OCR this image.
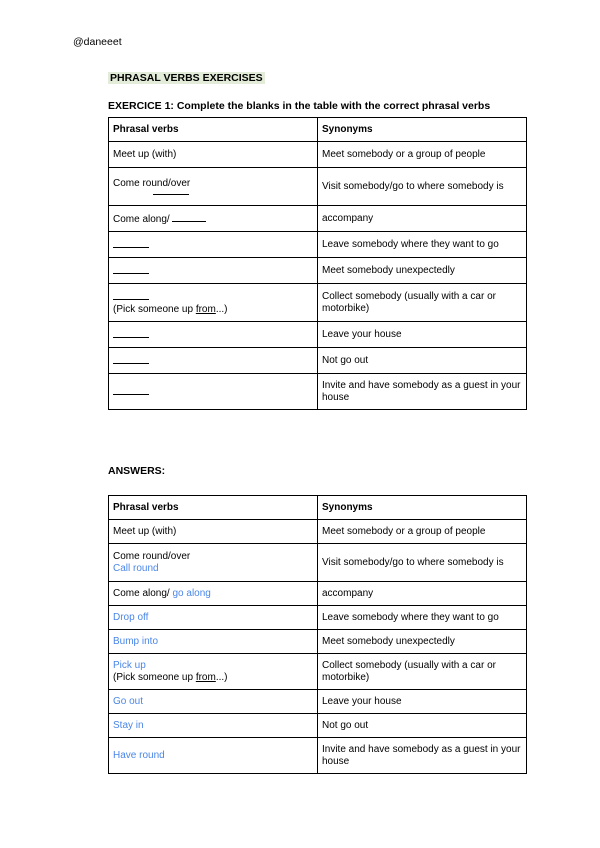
@daneeet
PHRASAL VERBS EXERCISES
EXERCICE 1: Complete the blanks in the table with the correct phrasal verbs
Phrasal verbs	Synonyms
Meet up (with)	Meet somebody or a group of people
Come round/over	Visit somebody/go to where somebody is
Come along/	accompany
	Leave somebody where they want to go
	Meet somebody unexpectedly

(Pick someone up from...)	Collect somebody (usually with a car or motorbike)
	Leave your house
	Not go out
	Invite and have somebody as a guest in your house
ANSWERS:
Phrasal verbs	Synonyms
Meet up (with)	Meet somebody or a group of people
Come round/over
Call round	Visit somebody/go to where somebody is
Come along/ go along	accompany
Drop off	Leave somebody where they want to go
Bump into	Meet somebody unexpectedly
Pick up
(Pick someone up from...)	Collect somebody (usually with a car or motorbike)
Go out	Leave your house
Stay in	Not go out
Have round	Invite and have somebody as a guest in your house
